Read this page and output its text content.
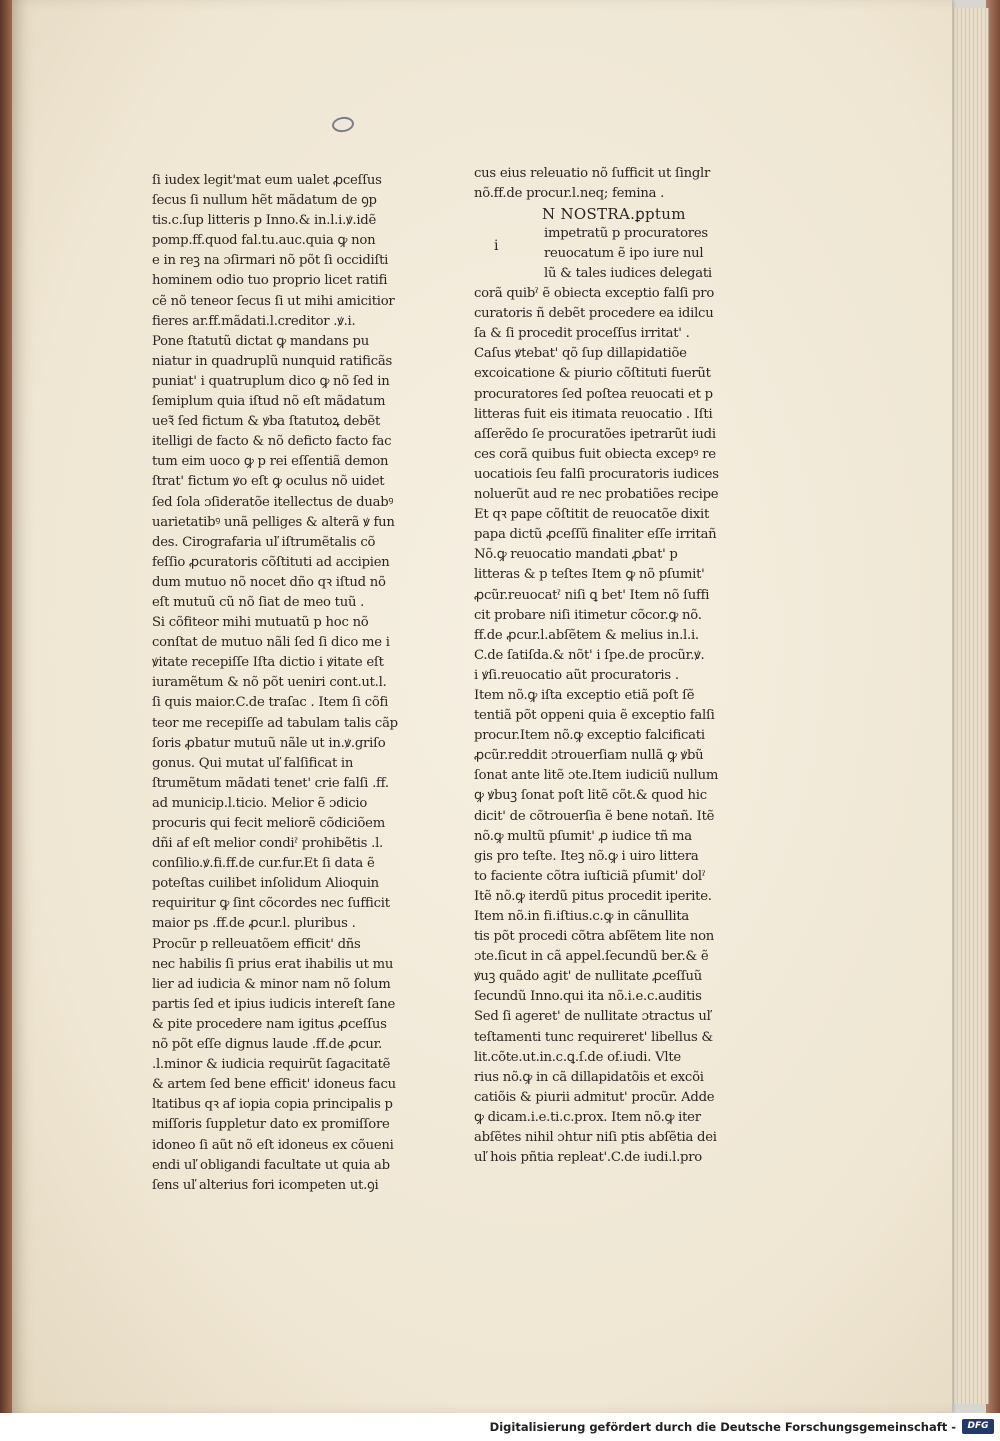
ſi iudex legit'mat eum ualet ꝓceſſus
ſecus ſi nullum hẽt mãdatum de ꝯp
tis.c.ſup litteris p Inno.& in.l.i.ꝟ.idẽ
pomp.ff.quod fal.tu.auc.quia ꝙ non
e in reꝫ na ɔſirmari nõ põt ſi occidiſti
hominem odio tuo proprio licet ratifi
cẽ nõ teneor ſecus ſi ut mihi amicitior
fieres ar.ff.mãdati.l.creditor .ꝟ.i.
Pone ſtatutũ dictat ꝙ mandans pu
niatur in quadruplũ nunquid ratificãs
puniat' i quatruplum dico ꝙ nõ ſed in
ſemiplum quia iſtud nõ eſt mãdatum
ueꝛ̃ ſed fictum & ꝟba ſtatutoꝝ debẽt
itelligi de facto & nõ deficto facto fac
tum eim uoco ꝙ p rei eſſentiã demon
ſtrat' fictum ꝟo eſt ꝙ oculus nõ uidet
ſed ſola ɔſideratõe itellectus de duabꝰ
uarietatibꝰ unã pelliges & alterã ꝟ fun
des. Cirografaria uľ iſtrumẽtalis cõ
feſſio ꝓcuratoris cõſtituti ad accipien
dum mutuo nõ nocet dño qꝛ iſtud nõ
eſt mutuũ cũ nõ ſiat de meo tuũ .
Si cõfiteor mihi mutuatũ p hoc nõ
conſtat de mutuo nãli ſed ſi dico me i
ꝟitate recepiſſe Iſta dictio i ꝟitate eſt
iuramẽtum & nõ põt ueniri cont.ut.l.
ſi quis maior.C.de traſac . Item ſi cõfi
teor me recepiſſe ad tabulam talis cãp
ſoris ꝓbatur mutuũ nãle ut in.ꝟ.griſo
gonus. Qui mutat uľ falſificat in
ſtrumẽtum mãdati tenet' crie falſi .ff.
ad municip.l.ticio. Melior ẽ ɔdicio
procuris qui fecit meliorẽ cõdiciõem
dñi af eſt melior condiˀ prohibẽtis .l.
conſilio.ꝟ.fi.ff.de cur.fur.Et ſi data ẽ
poteſtas cuilibet inſolidum Alioquin
requiritur ꝙ ſint cõcordes nec ſufficit
maior ps .ff.de ꝓcur.l. pluribus .
Procũr p relleuatõem efficit' dñs
nec habilis ſi prius erat ihabilis ut mu
lier ad iudicia & minor nam nõ ſolum
partis ſed et ipius iudicis intereſt ſane
& pite procedere nam igitus ꝓceſſus
nõ põt eſſe dignus laude .ff.de ꝓcur.
.l.minor & iudicia requirũt ſagacitatẽ
& artem ſed bene efficit' idoneus facu
ltatibus qꝛ af iopia copia principalis p
miſſoris ſuppletur dato ex promiſſore
idoneo ſi aũt nõ eſt idoneus ex cõueni
endi uľ obligandi facultate ut quia ab
ſens uľ alterius fori icompeten ut.ꝯi
cus eius releuatio nõ ſufficit ut ſinglr
nõ.ff.de procur.l.neq; femina .
i
N NOSTRA.ꝑptum
impetratũ p procuratores
reuocatum ẽ ipo iure nul
lũ & tales iudices delegati
corã quibˀ ẽ obiecta exceptio falſi pro
curatoris ñ debẽt procedere ea idilcu
ſa & ſi procedit proceſſus irritat' .
Caſus ꝟtebat' qõ ſup dillapidatiõe
excoicatione & piurio cõſtituti fuerũt
procuratores ſed poſtea reuocati et p
litteras fuit eis itimata reuocatio . Iſti
aſſerẽdo ſe procuratões ipetrarũt iudi
ces corã quibus fuit obiecta excepꝰ re
uocatiois ſeu falſi procuratoris iudices
noluerũt aud re nec probatiões recipe
Et qꝛ pape cõſtitit de reuocatõe dixit
papa dictũ ꝓceſſũ finaliter eſſe irritañ
Nõ.ꝙ reuocatio mandati ꝓbat' p
litteras & p teſtes Item ꝙ nõ pſumit'
ꝓcũr.reuocatˀ niſi ꝗ bet' Item nõ ſuffi
cit probare niſi itimetur cõcor.ꝙ nõ.
ff.de ꝓcur.l.abſẽtem & melius in.l.i.
C.de ſatiſda.& nõt' i ſpe.de procũr.ꝟ.
i ꝟſi.reuocatio aũt procuratoris .
Item nõ.ꝙ iſta exceptio etiã poſt ſẽ
tentiã põt oppeni quia ẽ exceptio falſi
procur.Item nõ.ꝙ exceptio falcificati
ꝓcũr.reddit ɔtrouerſiam nullã ꝙ ꝟbũ
ſonat ante litẽ ɔte.Item iudiciũ nullum
ꝙ ꝟbuꝫ ſonat poſt litẽ cõt.& quod hic
dicit' de cõtrouerſia ẽ bene notañ. Itẽ
nõ.ꝙ multũ pſumit' ꝓ iudice tñ ma
gis pro teſte. Iteꝫ nõ.ꝙ i uiro littera
to faciente cõtra iuſticiã pſumit' dolˀ
Itẽ nõ.ꝙ iterdũ pitus procedit iperite.
Item nõ.in fi.iſtius.c.ꝙ in cãnullita
tis põt procedi cõtra abſẽtem lite non
ɔte.ſicut in cã appel.ſecundũ ber.& ẽ
ꝟuꝫ quãdo agit' de nullitate ꝓceſſuũ
ſecundũ Inno.qui ita nõ.i.e.c.auditis
Sed ſi ageret' de nullitate ɔtractus uľ
teſtamenti tunc requireret' libellus &
lit.cõte.ut.in.c.ꝗ.ſ.de of.iudi. Vlte
rius nõ.ꝙ in cã dillapidatõis et excõi
catiõis & piurii admitut' procũr. Adde
ꝙ dicam.i.e.ti.c.prox. Item nõ.ꝙ iter
abſẽtes nihil ɔhtur niſi ptis abſẽtia dei
uľ hois pñtia repleat'.C.de iudi.l.pro
Digitalisierung gefördert durch die Deutsche Forschungsgemeinschaft -	DFG
